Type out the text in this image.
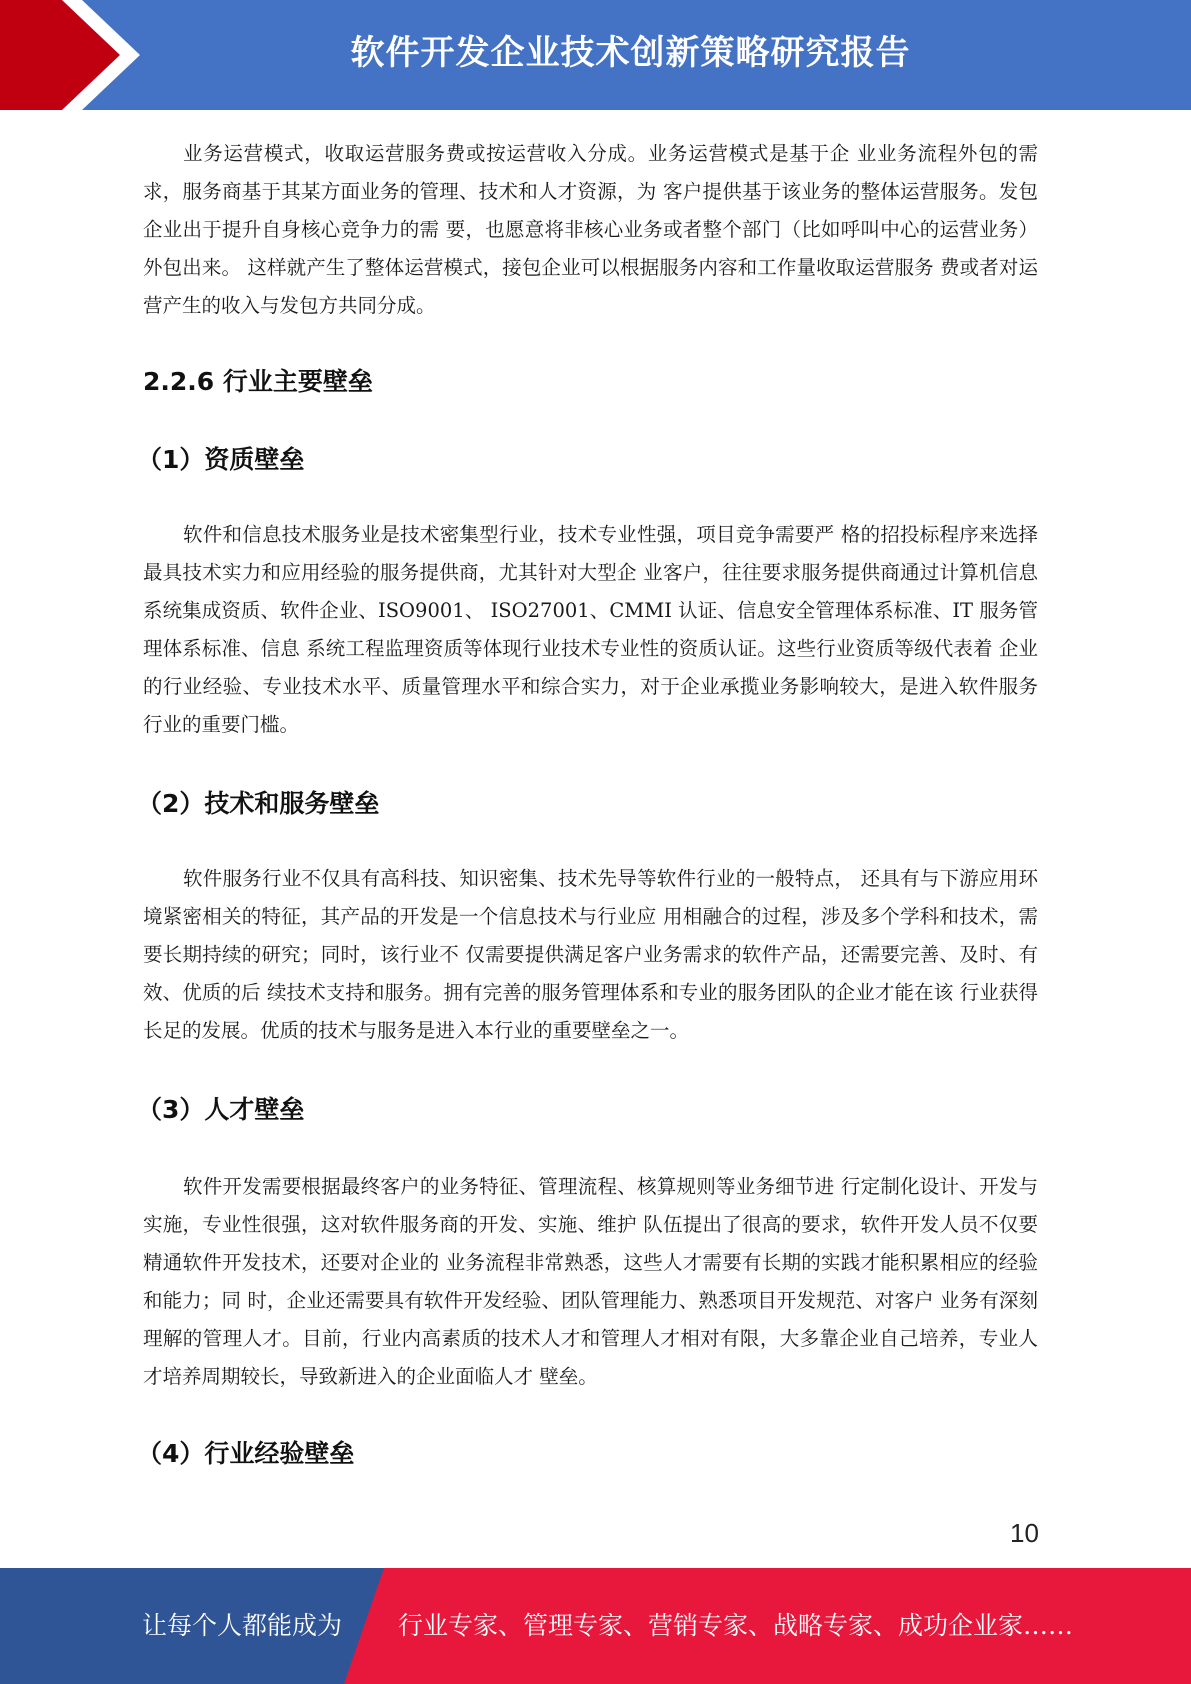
软件开发企业技术创新策略研究报告

业务运营模式，收取运营服务费或按运营收入分成。业务运营模式是基于企 业业务流程外包的需求，服务商基于其某方面业务的管理、技术和人才资源，为 客户提供基于该业务的整体运营服务。发包企业出于提升自身核心竞争力的需 要，也愿意将非核心业务或者整个部门（比如呼叫中心的运营业务）外包出来。 这样就产生了整体运营模式，接包企业可以根据服务内容和工作量收取运营服务 费或者对运营产生的收入与发包方共同分成。

2.2.6 行业主要壁垒
（1）资质壁垒

软件和信息技术服务业是技术密集型行业，技术专业性强，项目竞争需要严 格的招投标程序来选择最具技术实力和应用经验的服务提供商，尤其针对大型企 业客户，往往要求服务提供商通过计算机信息系统集成资质、软件企业、ISO9001、 ISO27001、CMMI 认证、信息安全管理体系标准、IT 服务管理体系标准、信息 系统工程监理资质等体现行业技术专业性的资质认证。这些行业资质等级代表着 企业的行业经验、专业技术水平、质量管理水平和综合实力，对于企业承揽业务影响较大，是进入软件服务行业的重要门槛。

（2）技术和服务壁垒

软件服务行业不仅具有高科技、知识密集、技术先导等软件行业的一般特点， 还具有与下游应用环境紧密相关的特征，其产品的开发是一个信息技术与行业应 用相融合的过程，涉及多个学科和技术，需要长期持续的研究；同时，该行业不 仅需要提供满足客户业务需求的软件产品，还需要完善、及时、有效、优质的后 续技术支持和服务。拥有完善的服务管理体系和专业的服务团队的企业才能在该 行业获得长足的发展。优质的技术与服务是进入本行业的重要壁垒之一。

（3）人才壁垒

软件开发需要根据最终客户的业务特征、管理流程、核算规则等业务细节进 行定制化设计、开发与实施，专业性很强，这对软件服务商的开发、实施、维护 队伍提出了很高的要求，软件开发人员不仅要精通软件开发技术，还要对企业的 业务流程非常熟悉，这些人才需要有长期的实践才能积累相应的经验和能力；同 时，企业还需要具有软件开发经验、团队管理能力、熟悉项目开发规范、对客户 业务有深刻理解的管理人才。目前，行业内高素质的技术人才和管理人才相对有限，大多靠企业自己培养，专业人才培养周期较长，导致新进入的企业面临人才 壁垒。

（4）行业经验壁垒
10
让每个人都能成为 行业专家、管理专家、营销专家、战略专家、成功企业家……
